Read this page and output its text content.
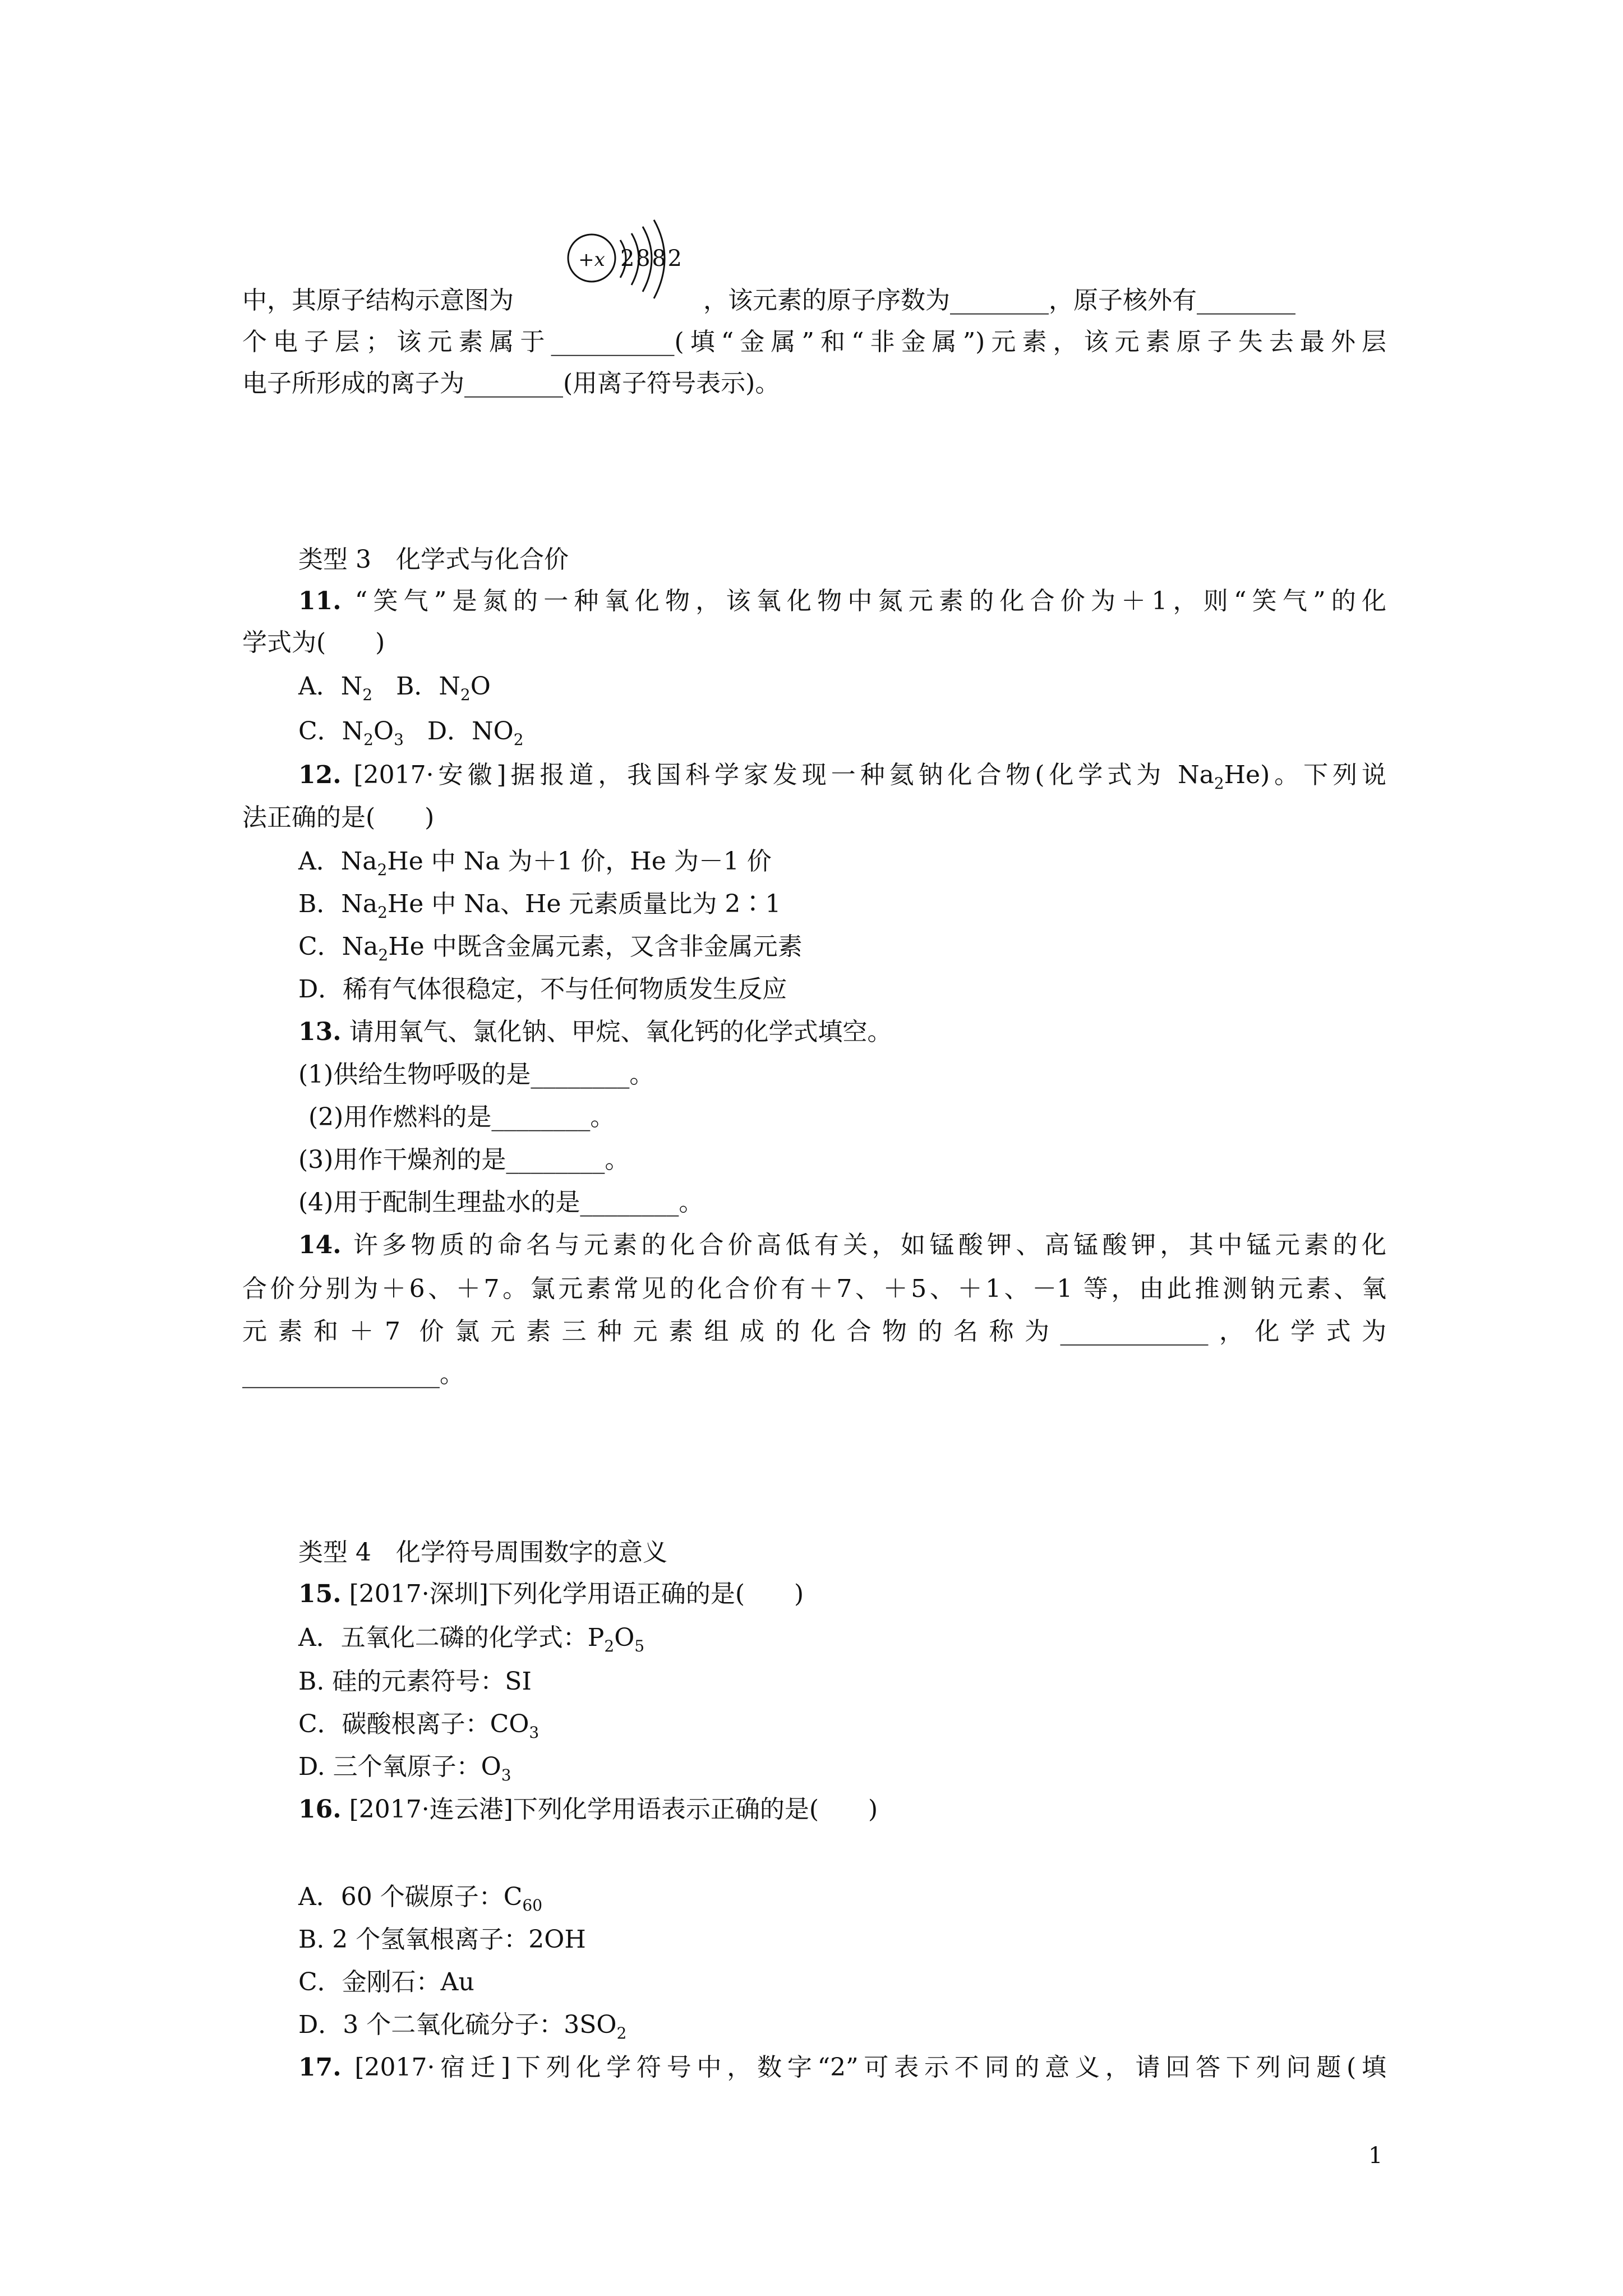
中，其原子结构示意图为
+x 2882
，该元素的原子序数为________，原子核外有________
个电子层；该元素属于__________(填“金属”和“非金属”)元素，该元素原子失去最外层
电子所形成的离子为________(用离子符号表示)。
类型 3　化学式与化合价
11. “笑气”是氮的一种氧化物，该氧化物中氮元素的化合价为＋1，则“笑气”的化
学式为(　　)
A．$N_2$ B．$N_2O$
C．$N_2O_3$ D．$NO_2$
12. [2017·安徽]据报道，我国科学家发现一种氦钠化合物(化学式为 $Na_2He$)。下列说
法正确的是(　　)
A．$Na_2He$ 中 Na 为＋1 价，He 为－1 价
B．$Na_2He$ 中 Na、He 元素质量比为 2∶1
C．$Na_2He$ 中既含金属元素，又含非金属元素
D．稀有气体很稳定，不与任何物质发生反应
13. 请用氧气、氯化钠、甲烷、氧化钙的化学式填空。
(1)供给生物呼吸的是________。
(2)用作燃料的是________。
(3)用作干燥剂的是________。
(4)用于配制生理盐水的是________。
14. 许多物质的命名与元素的化合价高低有关，如锰酸钾、高锰酸钾，其中锰元素的化
合价分别为＋6、＋7。氯元素常见的化合价有＋7、＋5、＋1、－1 等，由此推测钠元素、氧
元素和＋7 价氯元素三种元素组成的化合物的名称为____________，化学式为
________________。
类型 4　化学符号周围数字的意义
15. [2017·深圳]下列化学用语正确的是(　　)
A．五氧化二磷的化学式：$P_2O_5$
B. 硅的元素符号：SI
C．碳酸根离子：$CO_3$
D. 三个氧原子：$O_3$
16. [2017·连云港]下列化学用语表示正确的是(　　)
A．60 个碳原子：$C_{60}$
B. 2 个氢氧根离子：2OH
C．金刚石：Au
D．3 个二氧化硫分子：$3SO_2$
17. [2017·宿迁]下列化学符号中，数字“2”可表示不同的意义，请回答下列问题(填
1
